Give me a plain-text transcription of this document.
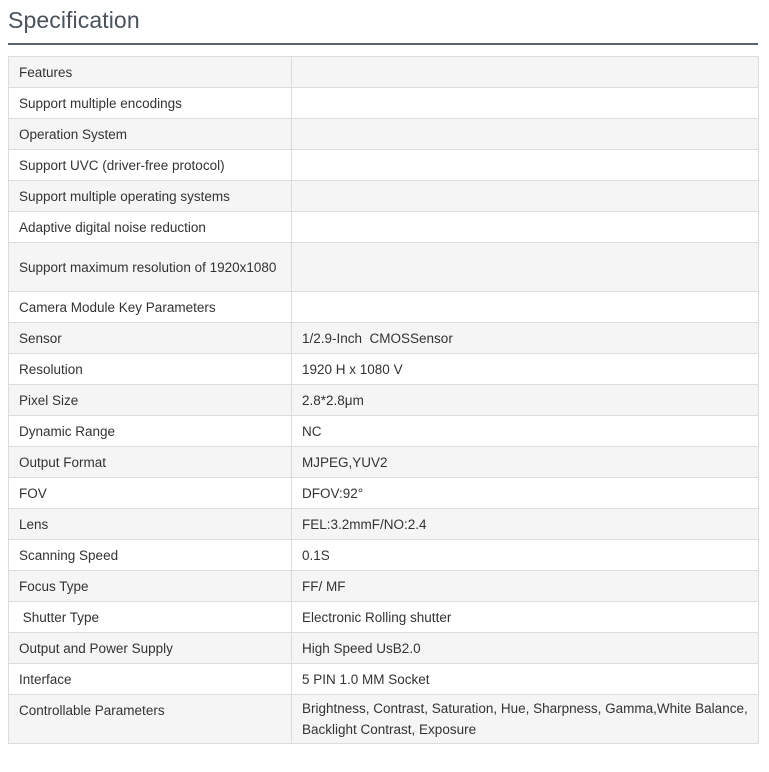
Specification
Features	
Support multiple encodings	
Operation System	
Support UVC (driver-free protocol)	
Support multiple operating systems	
Adaptive digital noise reduction	
Support maximum resolution of 1920x1080	
Camera Module Key Parameters	
Sensor	1/2.9-Inch  CMOSSensor
Resolution	1920 H x 1080 V
Pixel Size	2.8*2.8μm
Dynamic Range	NC
Output Format	MJPEG,YUV2
FOV	DFOV:92°
Lens	FEL:3.2mmF/NO:2.4
Scanning Speed	0.1S
Focus Type	FF/ MF
Shutter Type	Electronic Rolling shutter
Output and Power Supply	High Speed UsB2.0
Interface	5 PIN 1.0 MM Socket
Controllable Parameters	Brightness, Contrast, Saturation, Hue, Sharpness, Gamma,White Balance, Backlight Contrast, Exposure
